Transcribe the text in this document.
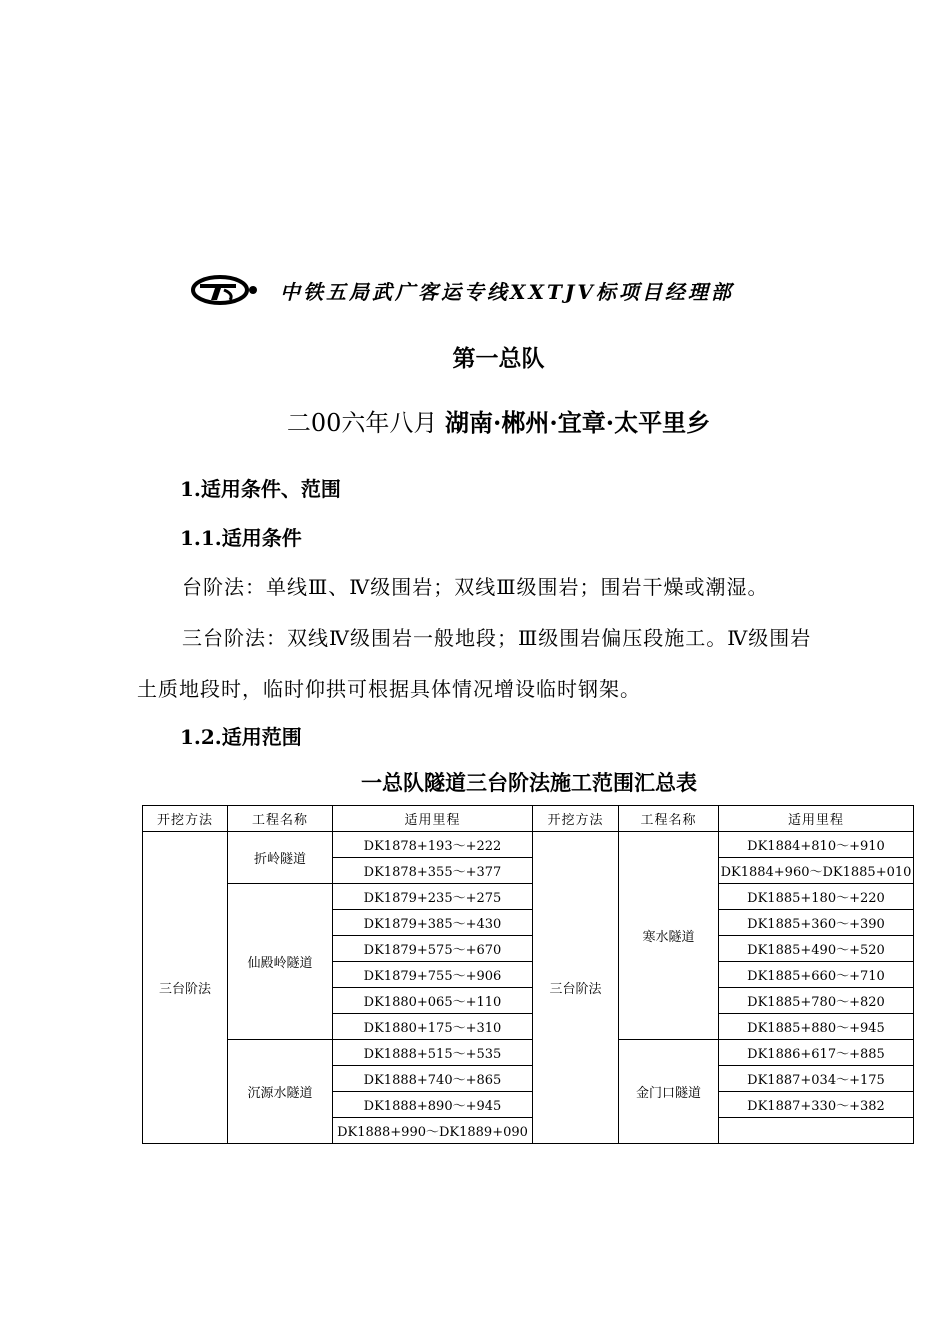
中铁五局武广客运专线XXTJV标项目经理部
第一总队
二00六年八月 湖南·郴州·宜章·太平里乡
1.适用条件、范围
1.1.适用条件
台阶法：单线Ⅲ、Ⅳ级围岩；双线Ⅲ级围岩；围岩干燥或潮湿。
三台阶法：双线Ⅳ级围岩一般地段；Ⅲ级围岩偏压段施工。Ⅳ级围岩
土质地段时，临时仰拱可根据具体情况增设临时钢架。
1.2.适用范围
一总队隧道三台阶法施工范围汇总表
开挖方法	工程名称	适用里程	开挖方法	工程名称	适用里程
三台阶法	折岭隧道	DK1878+193～+222	三台阶法	寒水隧道	DK1884+810～+910
		DK1878+355～+377			DK1884+960～DK1885+010
	仙殿岭隧道	DK1879+235～+275			DK1885+180～+220
		DK1879+385～+430			DK1885+360～+390
		DK1879+575～+670			DK1885+490～+520
		DK1879+755～+906			DK1885+660～+710
		DK1880+065～+110			DK1885+780～+820
		DK1880+175～+310			DK1885+880～+945
	沉源水隧道	DK1888+515～+535		金门口隧道	DK1886+617～+885
		DK1888+740～+865			DK1887+034～+175
		DK1888+890～+945			DK1887+330～+382
		DK1888+990～DK1889+090			
